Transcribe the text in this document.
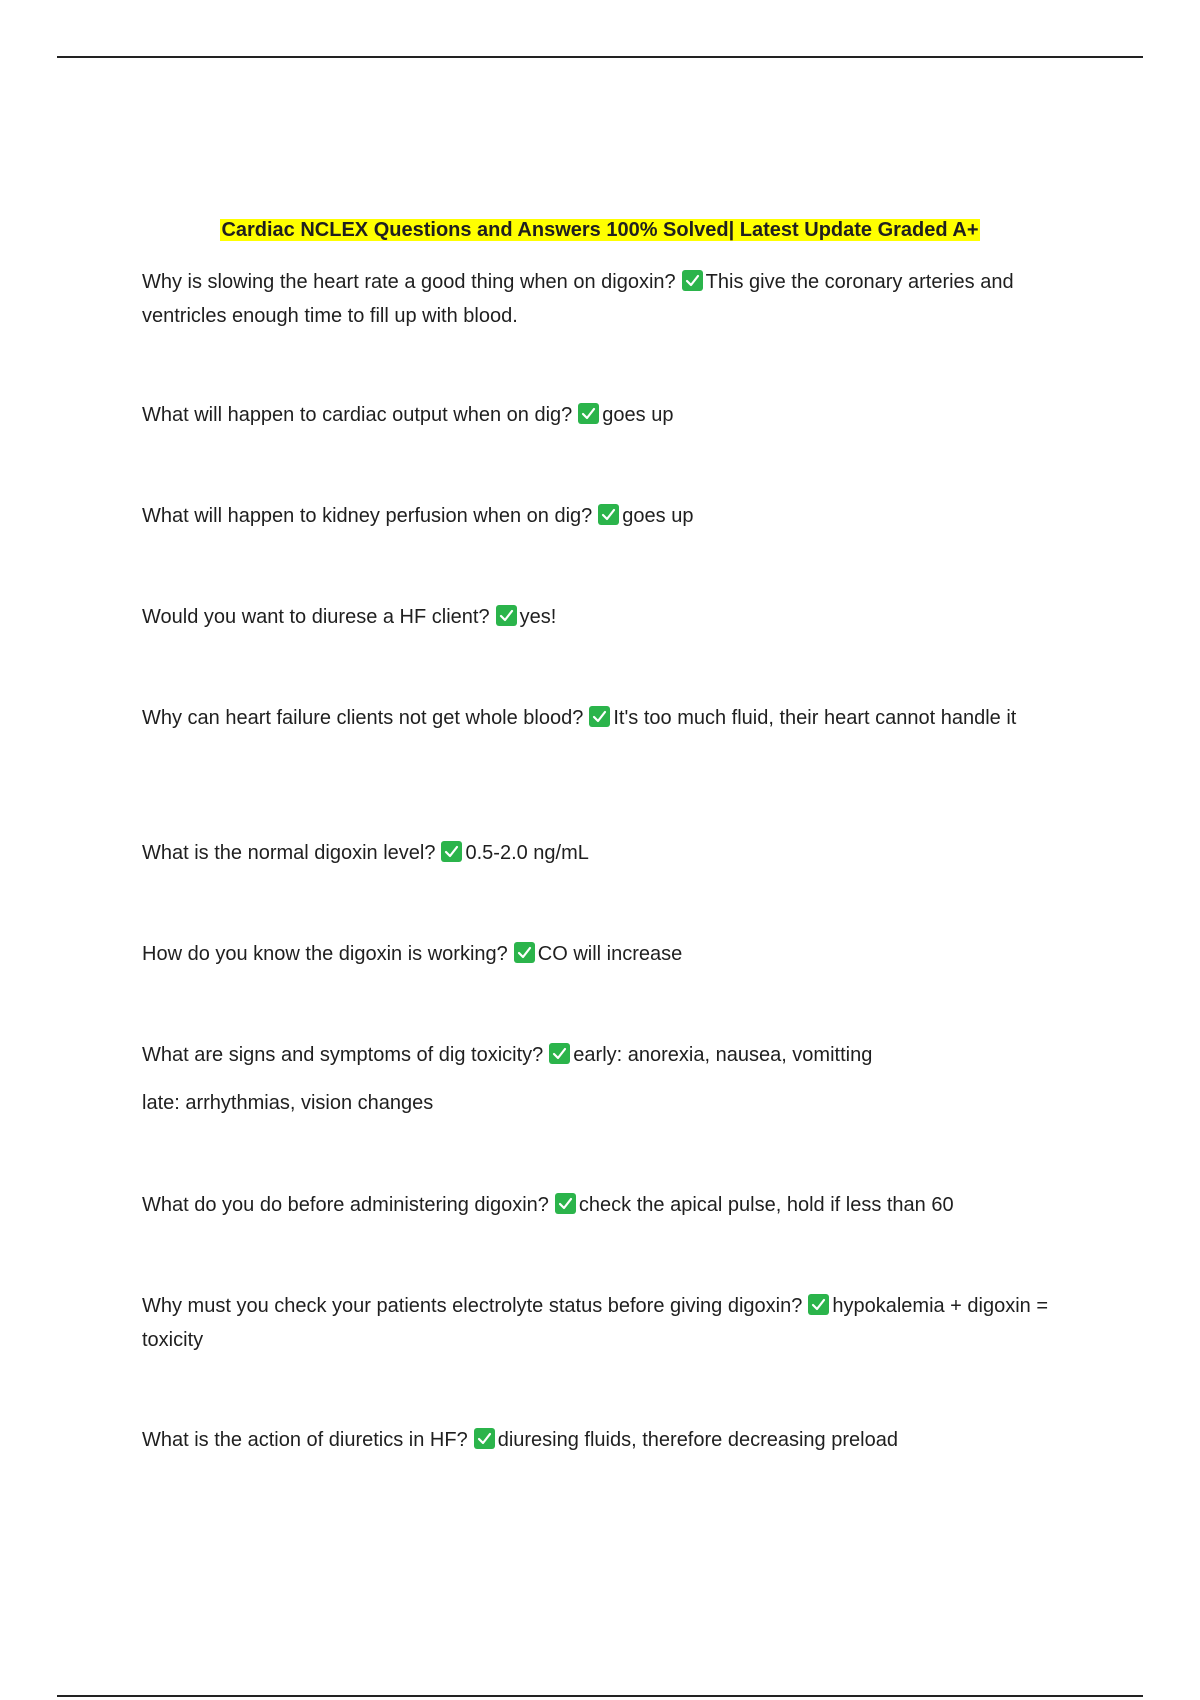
Cardiac NCLEX Questions and Answers 100% Solved| Latest Update Graded A+
Why is slowing the heart rate a good thing when on digoxin? This give the coronary arteries and ventricles enough time to fill up with blood.
What will happen to cardiac output when on dig? goes up
What will happen to kidney perfusion when on dig? goes up
Would you want to diurese a HF client? yes!
Why can heart failure clients not get whole blood? It's too much fluid, their heart cannot handle it
What is the normal digoxin level? 0.5-2.0 ng/mL
How do you know the digoxin is working? CO will increase
What are signs and symptoms of dig toxicity? early: anorexia, nausea, vomitting
late: arrhythmias, vision changes
What do you do before administering digoxin? check the apical pulse, hold if less than 60
Why must you check your patients electrolyte status before giving digoxin? hypokalemia + digoxin = toxicity
What is the action of diuretics in HF? diuresing fluids, therefore decreasing preload
